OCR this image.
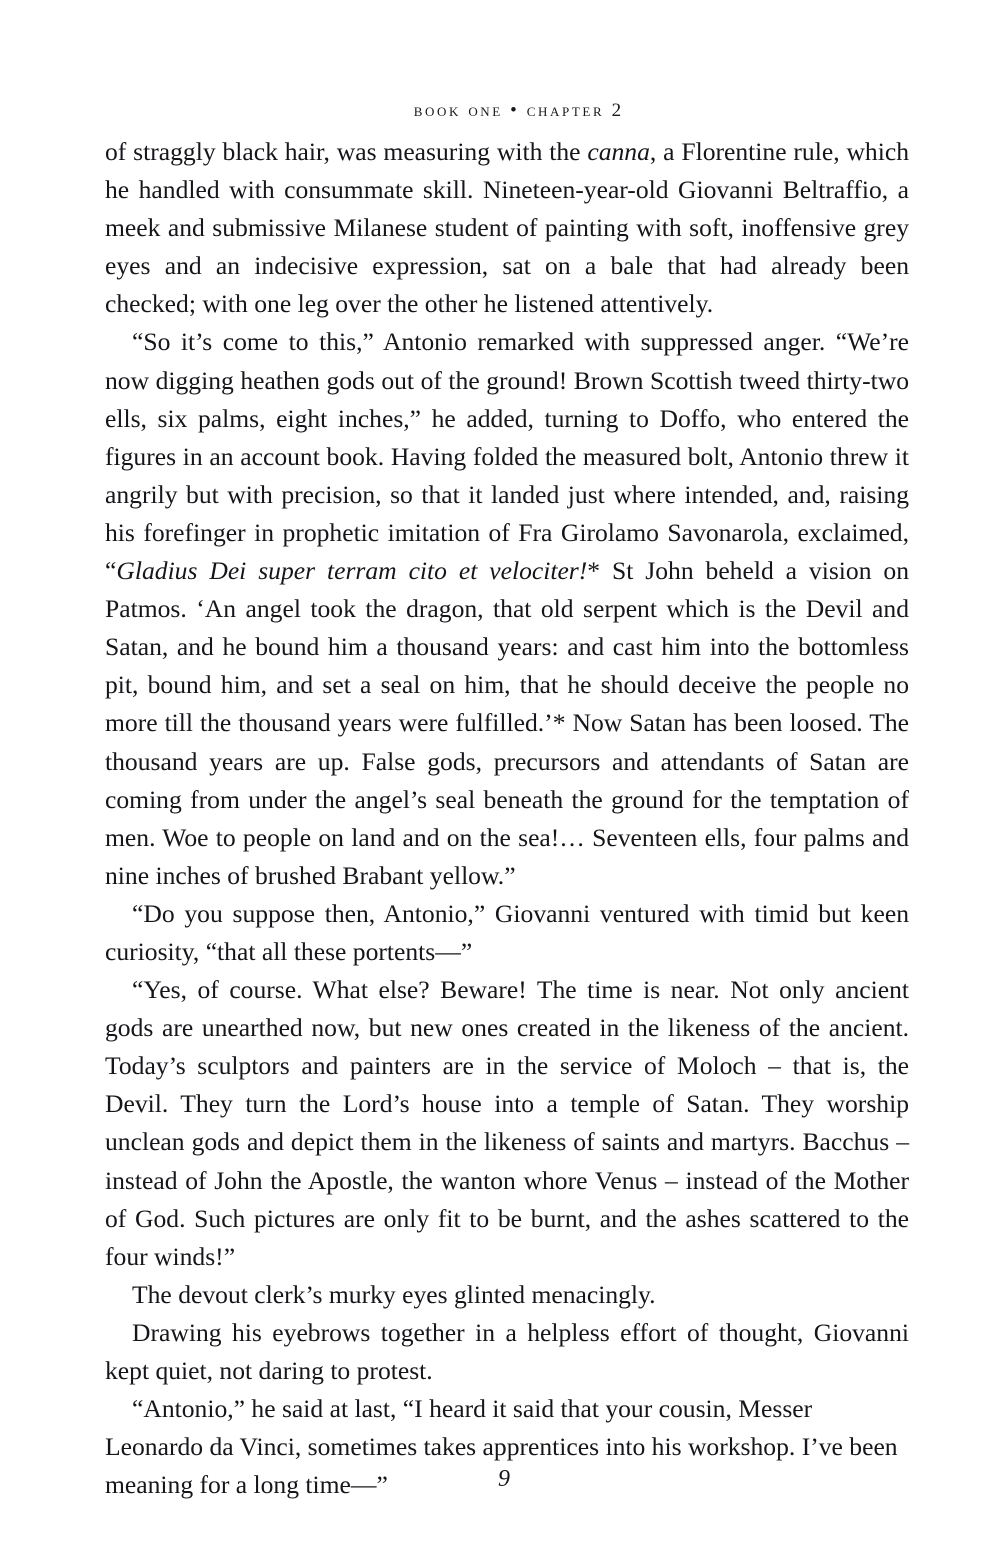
book one • chapter 2

of straggly black hair, was measuring with the canna, a Florentine rule, which he handled with consummate skill. Nineteen-year-old Giovanni Beltraffio, a meek and submissive Milanese student of painting with soft, inoffensive grey eyes and an indecisive expression, sat on a bale that had already been checked; with one leg over the other he listened attentively.

“So it’s come to this,” Antonio remarked with suppressed anger. “We’re now digging heathen gods out of the ground! Brown Scottish tweed thirty-two ells, six palms, eight inches,” he added, turning to Doffo, who entered the figures in an account book. Having folded the measured bolt, Antonio threw it angrily but with precision, so that it landed just where intended, and, raising his forefinger in prophetic imitation of Fra Girolamo Savonarola, exclaimed, “Gladius Dei super terram cito et velociter!* St John beheld a vision on Patmos. ‘An angel took the dragon, that old serpent which is the Devil and Satan, and he bound him a thousand years: and cast him into the bottomless pit, bound him, and set a seal on him, that he should deceive the people no more till the thousand years were fulfilled.’* Now Satan has been loosed. The thousand years are up. False gods, precursors and attendants of Satan are coming from under the angel’s seal beneath the ground for the temptation of men. Woe to people on land and on the sea!… Seventeen ells, four palms and nine inches of brushed Brabant yellow.”

“Do you suppose then, Antonio,” Giovanni ventured with timid but keen curiosity, “that all these portents—”

“Yes, of course. What else? Beware! The time is near. Not only ancient gods are unearthed now, but new ones created in the likeness of the ancient. Today’s sculptors and painters are in the service of Moloch – that is, the Devil. They turn the Lord’s house into a temple of Satan. They worship unclean gods and depict them in the likeness of saints and martyrs. Bacchus – instead of John the Apostle, the wanton whore Venus – instead of the Mother of God. Such pictures are only fit to be burnt, and the ashes scattered to the four winds!”

The devout clerk’s murky eyes glinted menacingly.

Drawing his eyebrows together in a helpless effort of thought, Giovanni kept quiet, not daring to protest.

“Antonio,” he said at last, “I heard it said that your cousin, Messer Leonardo da Vinci, sometimes takes apprentices into his workshop. I’ve been meaning for a long time—”	9
